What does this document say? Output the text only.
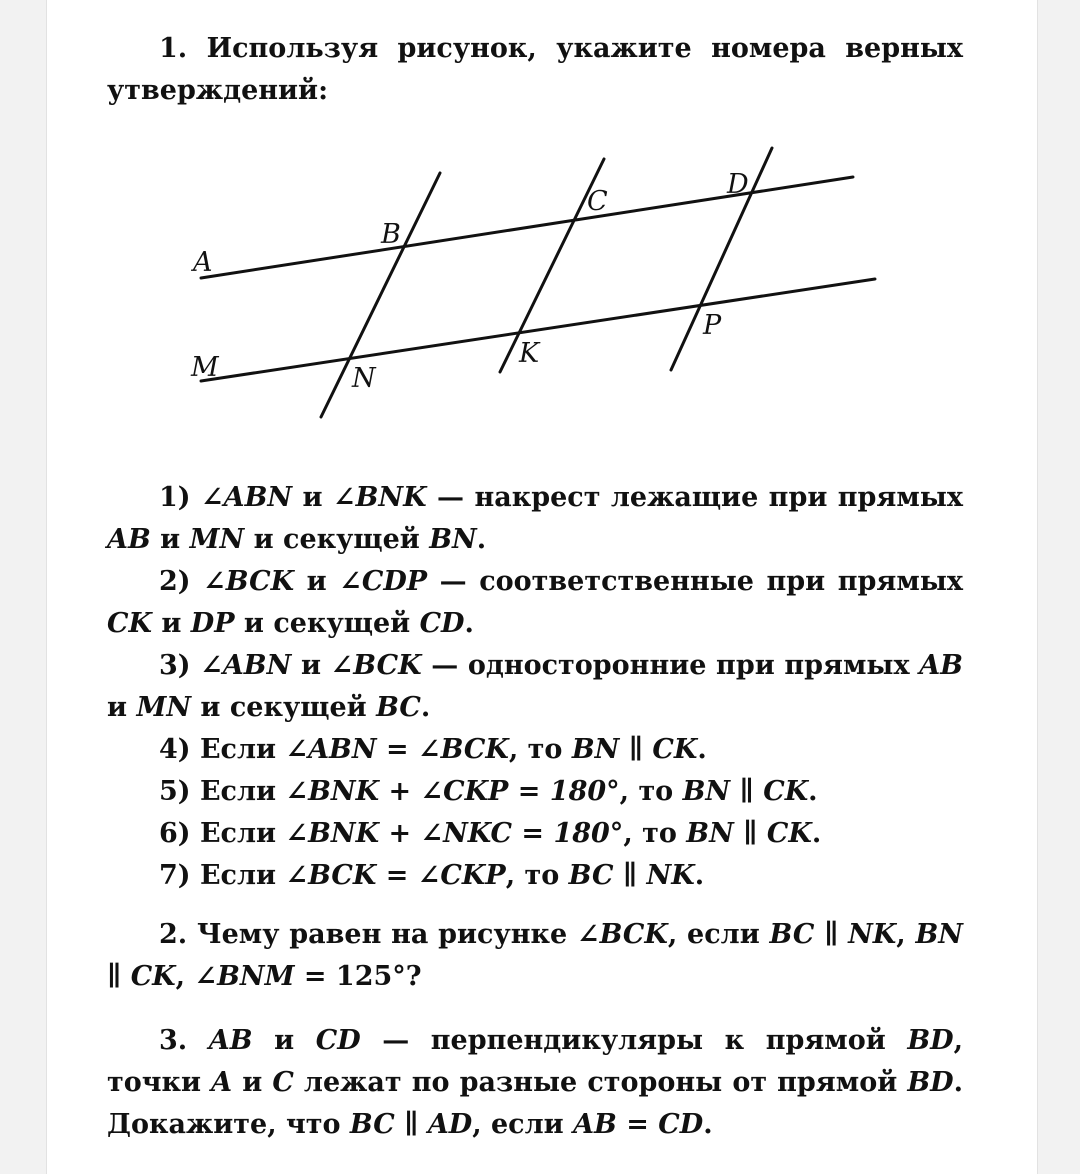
1. Используя рисунок, укажите номера верных утверждений:

A
B
C
D
M	N
K
P

1) ∠ABN и ∠BNK — накрест лежащие при прямых AB и MN и секущей BN.

2) ∠BCK и ∠CDP — соответственные при прямых CK и DP и секущей CD.

3) ∠ABN и ∠BCK — односторонние при прямых AB и MN и секущей BC.

4) Если ∠ABN = ∠BCK, то BN ∥ CK.

5) Если ∠BNK + ∠CKP = 180°, то BN ∥ CK.

6) Если ∠BNK + ∠NKC = 180°, то BN ∥ CK.

7) Если ∠BCK = ∠CKP, то BC ∥ NK.

2. Чему равен на рисунке ∠BCK, если BC ∥ NK, BN ∥ CK, ∠BNM = 125°?

3. AB и CD — перпендикуляры к прямой BD, точки A и C лежат по разные стороны от прямой BD. Докажите, что BC ∥ AD, если AB = CD.
